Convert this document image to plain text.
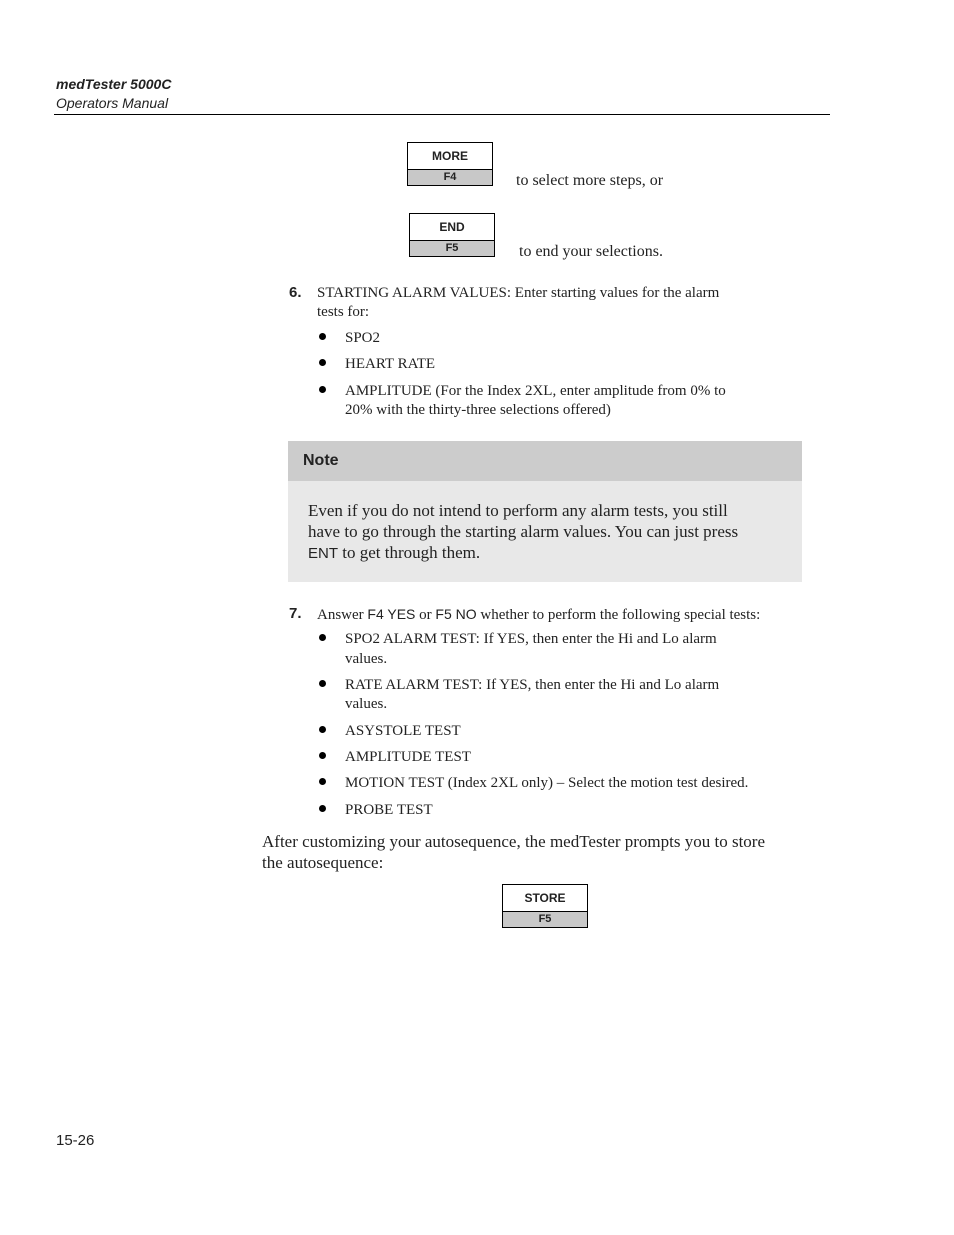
medTester 5000C
Operators Manual
MORE
F4	to select more steps, or
END
F5	to end your selections.
6. STARTING ALARM VALUES: Enter starting values for the alarm
tests for:
SPO2
HEART RATE
AMPLITUDE (For the Index 2XL, enter amplitude from 0% to
20% with the thirty-three selections offered)
Note
Even if you do not intend to perform any alarm tests, you still
have to go through the starting alarm values. You can just press
ENT to get through them.
7. Answer F4 YES or F5 NO whether to perform the following special tests:
SPO2 ALARM TEST: If YES, then enter the Hi and Lo alarm
values.
RATE ALARM TEST: If YES, then enter the Hi and Lo alarm
values.
ASYSTOLE TEST
AMPLITUDE TEST
MOTION TEST (Index 2XL only) – Select the motion test desired.
PROBE TEST
After customizing your autosequence, the medTester prompts you to store
the autosequence:
STORE
F5
15-26
